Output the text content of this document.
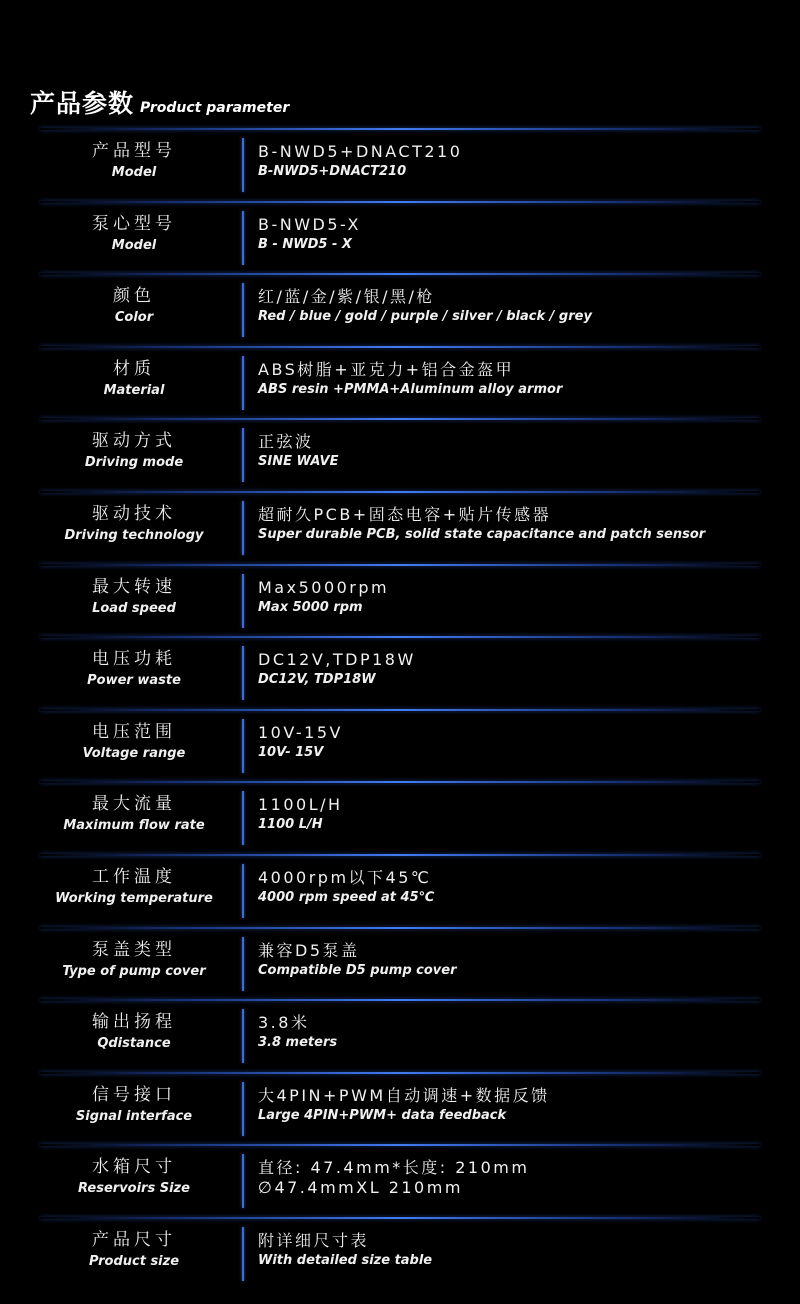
产品参数 Product parameter
产品型号
Model
B-NWD5+DNACT210
B-NWD5+DNACT210
泵心型号
Model
B-NWD5-X
B - NWD5 - X
颜色
Color
红/蓝/金/紫/银/黑/枪
Red / blue / gold / purple / silver / black / grey
材质
Material
ABS树脂+亚克力+铝合金盔甲
ABS resin +PMMA+Aluminum alloy armor
驱动方式
Driving mode
正弦波
SINE WAVE
驱动技术
Driving technology
超耐久PCB+固态电容+贴片传感器
Super durable PCB, solid state capacitance and patch sensor
最大转速
Load speed
Max5000rpm
Max 5000 rpm
电压功耗
Power waste
DC12V,TDP18W
DC12V, TDP18W
电压范围
Voltage range
10V-15V
10V- 15V
最大流量
Maximum flow rate
1100L/H
1100 L/H
工作温度
Working temperature
4000rpm以下45℃
4000 rpm speed at 45℃
泵盖类型
Type of pump cover
兼容D5泵盖
Compatible D5 pump cover
输出扬程
Qdistance
3.8米
3.8 meters
信号接口
Signal interface
大4PIN+PWM自动调速+数据反馈
Large 4PIN+PWM+ data feedback
水箱尺寸
Reservoirs Size
直径: 47.4mm*长度: 210mm
∅47.4mmXL 210mm
产品尺寸
Product size
附详细尺寸表
With detailed size table
